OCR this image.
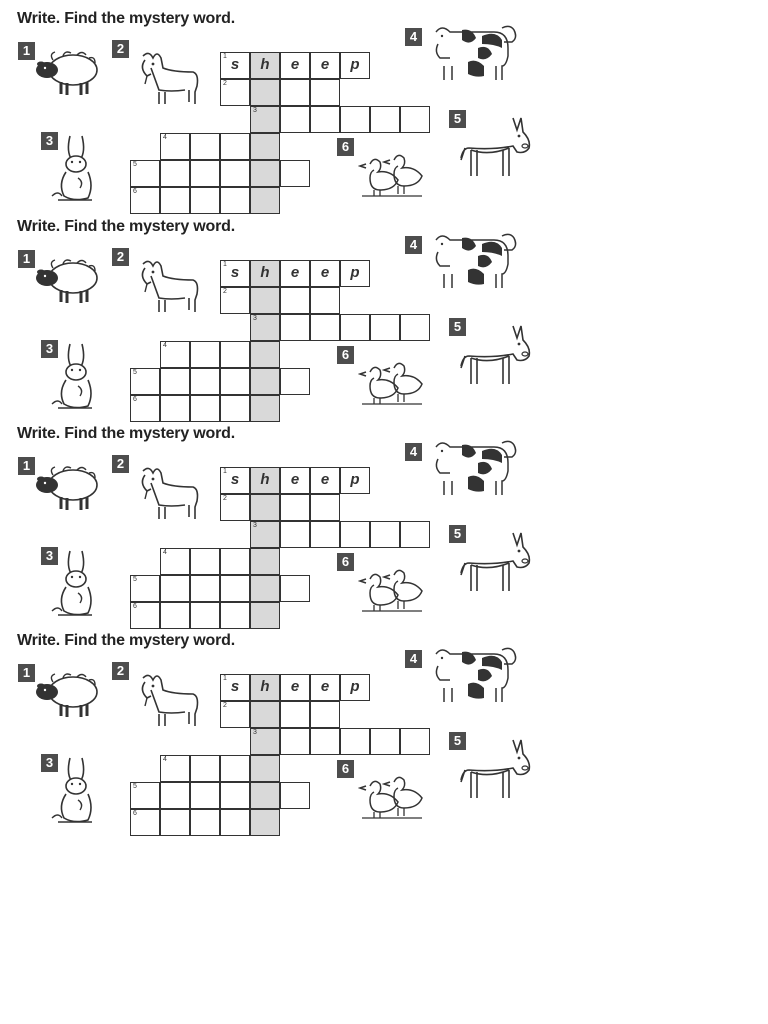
Write. Find the mystery word.
1	2
3
4
5
6
1 s	h	e	e	p
2
3
4
5
6
Write. Find the mystery word.
1	2
3
4
5
6
1 s	h	e	e	p
2
3
4
5
6
Write. Find the mystery word.
1	2
3
4
5
6
1 s	h	e	e	p
2
3
4
5
6
Write. Find the mystery word.
1	2
3
4
5
6
1 s	h	e	e	p
2
3
4
5
6
